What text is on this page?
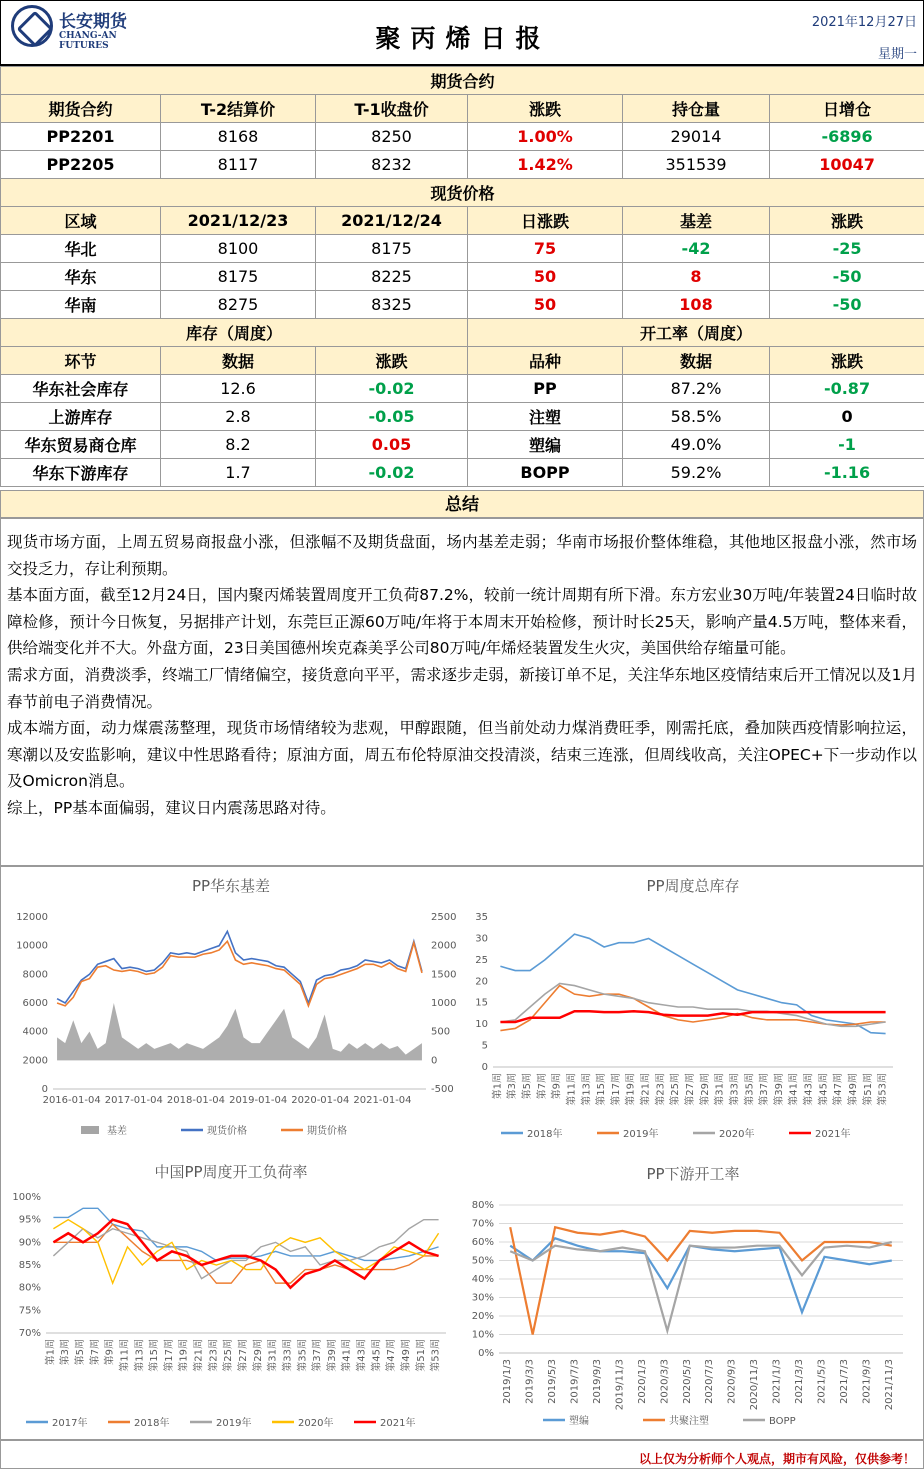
长安期货
CHANG-AN FUTURES	聚丙烯日报
2021年12月27日
星期一
期货合约					
期货合约	T-2结算价	T-1收盘价	涨跌	持仓量	日增仓
PP2201	8168	8250	1.00%	29014	-6896
PP2205	8117	8232	1.42%	351539	10047
现货价格					
区域	2021/12/23	2021/12/24	日涨跌	基差	涨跌
华北	8100	8175	75	-42	-25
华东	8175	8225	50	8	-50
华南	8275	8325	50	108	-50
库存（周度）			开工率（周度）		
环节	数据	涨跌	品种	数据	涨跌
华东社会库存	12.6	-0.02	PP	87.2%	-0.87
上游库存	2.8	-0.05	注塑	58.5%	0
华东贸易商仓库	8.2	0.05	塑编	49.0%	-1
华东下游库存	1.7	-0.02	BOPP	59.2%	-1.16
总结

现货市场方面，上周五贸易商报盘小涨，但涨幅不及期货盘面，场内基差走弱；华南市场报价整体维稳，其他地区报盘小涨，然市场交投乏力，存让利预期。

基本面方面，截至12月24日，国内聚丙烯装置周度开工负荷87.2%，较前一统计周期有所下滑。东方宏业30万吨/年装置24日临时故障检修，预计今日恢复，另据排产计划，东莞巨正源60万吨/年将于本周末开始检修，预计时长25天，影响产量4.5万吨，整体来看，供给端变化并不大。外盘方面，23日美国德州埃克森美孚公司80万吨/年烯烃装置发生火灾，美国供给存缩量可能。

需求方面，消费淡季，终端工厂情绪偏空，接货意向平平，需求逐步走弱，新接订单不足，关注华东地区疫情结束后开工情况以及1月春节前电子消费情况。

成本端方面，动力煤震荡整理，现货市场情绪较为悲观，甲醇跟随，但当前处动力煤消费旺季，刚需托底，叠加陕西疫情影响拉运，寒潮以及安监影响，建议中性思路看待；原油方面，周五布伦特原油交投清淡，结束三连涨，但周线收高，关注OPEC+下一步动作以及Omicron消息。

综上，PP基本面偏弱，建议日内震荡思路对待。

PP华东基差
12000
10000
8000
6000
4000
2000
0
2500
2000
1500
1000
500
0
-500
2016-01-04 2017-01-04 2018-01-04 2019-01-04 2020-01-04 2021-01-04
基差	现货价格	期货价格
PP周度总库存
35
30
25
20
15
10
5
0
第1周 第3周 第5周 第7周 第9周 第11周 第13周 第15周 第17周 第19周 第21周 第23周 第25周 第27周 第29周 第31周 第33周 第35周 第37周 第39周 第41周 第43周 第45周 第47周 第49周 第51周 第53周
2018年	2019年	2020年	2021年
中国PP周度开工负荷率
100%
95%
90%
85%
80%
75%
70%
第1周 第3周 第5周 第7周 第9周 第11周 第13周 第15周 第17周 第19周 第21周 第23周 第25周 第27周 第29周 第31周 第33周 第35周 第37周 第39周 第41周 第43周 第45周 第47周 第49周 第51周 第53周
2017年	2018年	2019年	2020年	2021年
PP下游开工率
80%
70%
60%
50%
40%
30%
20%
10%
0%
2019/1/3 2019/3/3 2019/5/3 2019/7/3 2019/9/3 2019/11/3 2020/1/3 2020/3/3 2020/5/3 2020/7/3 2020/9/3 2020/11/3 2021/1/3 2021/3/3 2021/5/3 2021/7/3 2021/9/3 2021/11/3
塑编	共聚注塑	BOPP
以上仅为分析师个人观点，期市有风险，仅供参考！
